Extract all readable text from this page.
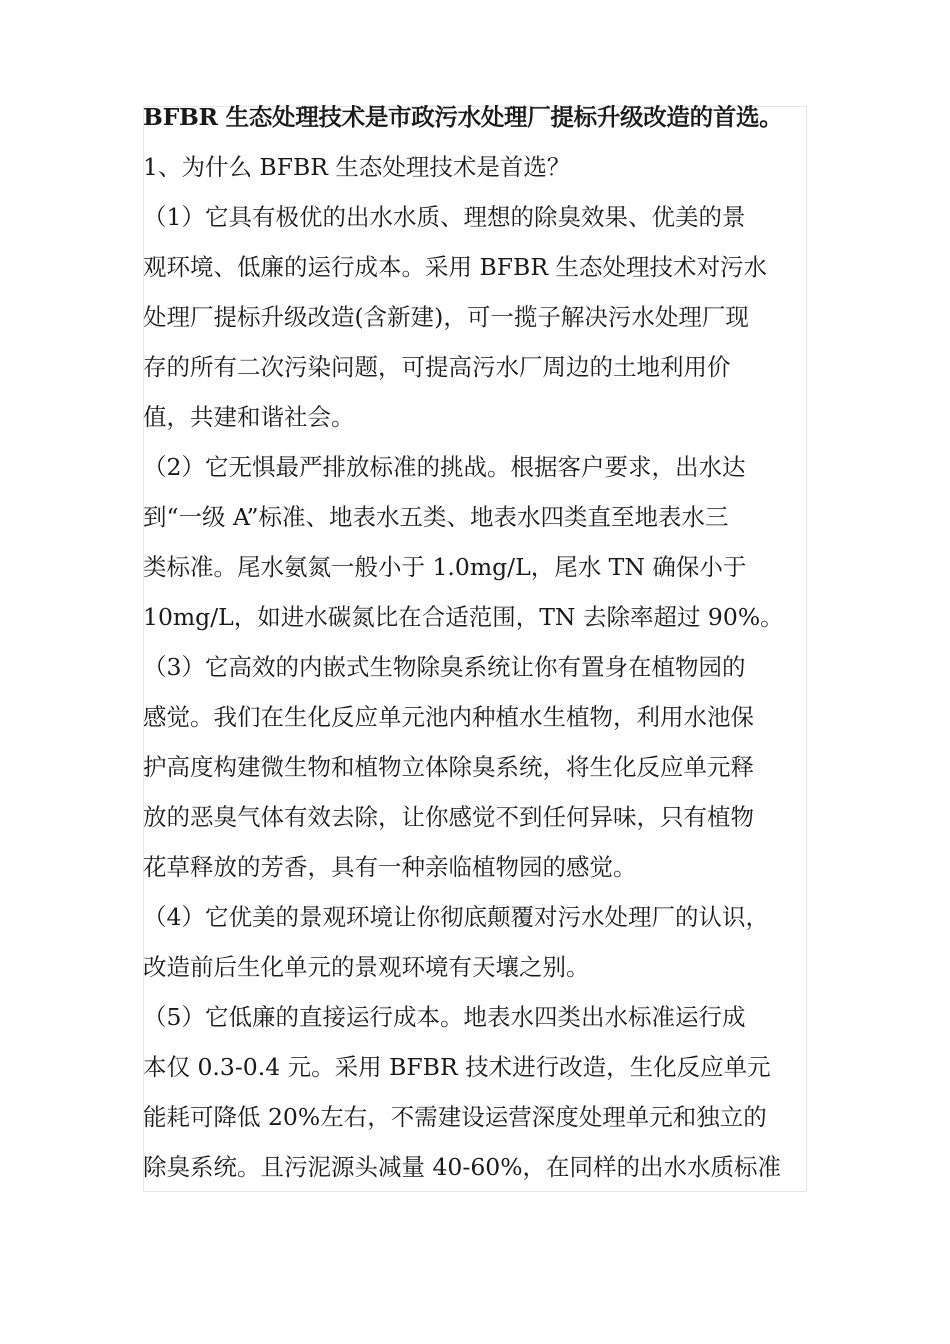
BFBR 生态处理技术是市政污水处理厂提标升级改造的首选。
1、为什么 BFBR 生态处理技术是首选？
（1）它具有极优的出水水质、理想的除臭效果、优美的景
观环境、低廉的运行成本。采用 BFBR 生态处理技术对污水
处理厂提标升级改造(含新建)，可一揽子解决污水处理厂现
存的所有二次污染问题，可提高污水厂周边的土地利用价
值，共建和谐社会。
（2）它无惧最严排放标准的挑战。根据客户要求，出水达
到“一级 A”标准、地表水五类、地表水四类直至地表水三
类标准。尾水氨氮一般小于 1.0mg/L，尾水 TN 确保小于
10mg/L，如进水碳氮比在合适范围，TN 去除率超过 90%。
（3）它高效的内嵌式生物除臭系统让你有置身在植物园的
感觉。我们在生化反应单元池内种植水生植物，利用水池保
护高度构建微生物和植物立体除臭系统，将生化反应单元释
放的恶臭气体有效去除，让你感觉不到任何异味，只有植物
花草释放的芳香，具有一种亲临植物园的感觉。
（4）它优美的景观环境让你彻底颠覆对污水处理厂的认识，
改造前后生化单元的景观环境有天壤之别。
（5）它低廉的直接运行成本。地表水四类出水标准运行成
本仅 0.3-0.4 元。采用 BFBR 技术进行改造，生化反应单元
能耗可降低 20%左右，不需建设运营深度处理单元和独立的
除臭系统。且污泥源头减量 40-60%，在同样的出水水质标准
